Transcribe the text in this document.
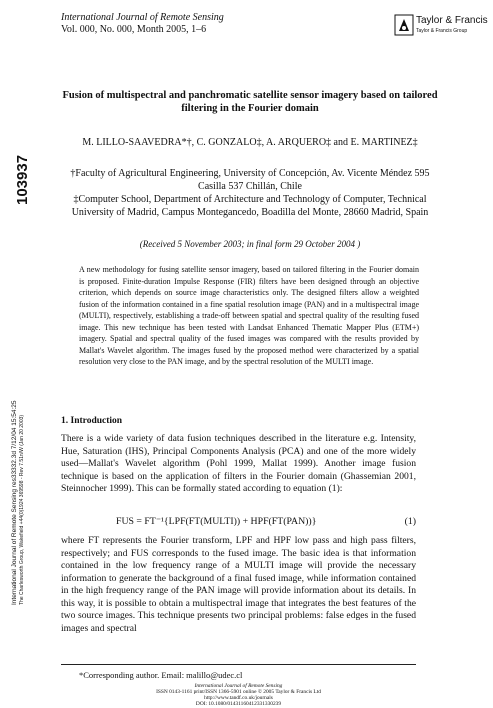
International Journal of Remote Sensing
Vol. 000, No. 000, Month 2005, 1–6
Taylor & Francis
Taylor & Francis Group
103937
International Journal of Remote Sensing res33332.3d 7/12/04 15:54:25 The Charlesworth Group, Wakefield +44(0)1924 369598 - Rev 7.51n/W (Jan 20 2003)
Fusion of multispectral and panchromatic satellite sensor imagery based on tailored filtering in the Fourier domain
M. LILLO-SAAVEDRA*†, C. GONZALO‡, A. ARQUERO‡ and E. MARTINEZ‡
†Faculty of Agricultural Engineering, University of Concepción, Av. Vicente Méndez 595 Casilla 537 Chillán, Chile
‡Computer School, Department of Architecture and Technology of Computer, Technical University of Madrid, Campus Montegancedo, Boadilla del Monte, 28660 Madrid, Spain
(Received 5 November 2003; in final form 29 October 2004 )
A new methodology for fusing satellite sensor imagery, based on tailored filtering in the Fourier domain is proposed. Finite-duration Impulse Response (FIR) filters have been designed through an objective criterion, which depends on source image characteristics only. The designed filters allow a weighted fusion of the information contained in a fine spatial resolution image (PAN) and in a multispectral image (MULTI), respectively, establishing a trade-off between spatial and spectral quality of the resulting fused image. This new technique has been tested with Landsat Enhanced Thematic Mapper Plus (ETM+) imagery. Spatial and spectral quality of the fused images was compared with the results provided by Mallat's Wavelet algorithm. The images fused by the proposed method were characterized by a spatial resolution very close to the PAN image, and by the spectral resolution of the MULTI image.
1. Introduction
There is a wide variety of data fusion techniques described in the literature e.g. Intensity, Hue, Saturation (IHS), Principal Components Analysis (PCA) and one of the more widely used—Mallat's Wavelet algorithm (Pohl 1999, Mallat 1999). Another image fusion technique is based on the application of filters in the Fourier domain (Ghassemian 2001, Steinnocher 1999). This can be formally stated according to equation (1):
FUS = FT⁻¹{LPF(FT(MULTI)) + HPF(FT(PAN))}	(1)
where FT represents the Fourier transform, LPF and HPF low pass and high pass filters, respectively; and FUS corresponds to the fused image. The basic idea is that information contained in the low frequency range of a MULTI image will provide the necessary information to generate the background of a final fused image, while information contained in the high frequency range of the PAN image will provide information about its details. In this way, it is possible to obtain a multispectral image that integrates the best features of the two source images. This technique presents two principal problems: false edges in the fused images and spectral
*Corresponding author. Email: malillo@udec.cl
International Journal of Remote Sensing
ISSN 0143-1161 print/ISSN 1366-5901 online © 2005 Taylor & Francis Ltd
http://www.tandf.co.uk/journals
DOI: 10.1080/01431160412331330239
